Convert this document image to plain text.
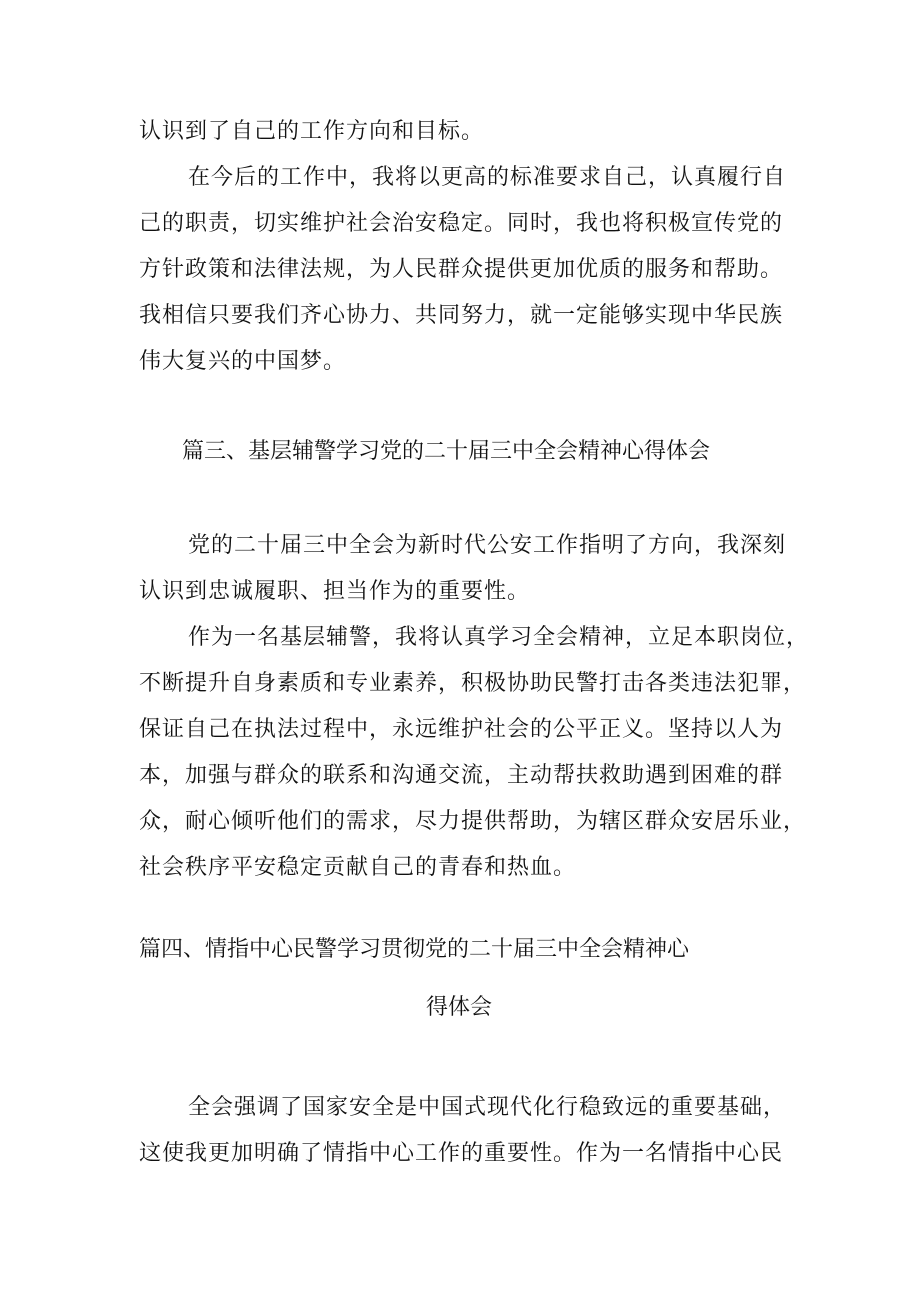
认识到了自己的工作方向和目标。
在今后的工作中，我将以更高的标准要求自己，认真履行自
己的职责，切实维护社会治安稳定。同时，我也将积极宣传党的
方针政策和法律法规，为人民群众提供更加优质的服务和帮助。
我相信只要我们齐心协力、共同努力，就一定能够实现中华民族
伟大复兴的中国梦。
篇三、基层辅警学习党的二十届三中全会精神心得体会
党的二十届三中全会为新时代公安工作指明了方向，我深刻
认识到忠诚履职、担当作为的重要性。
作为一名基层辅警，我将认真学习全会精神，立足本职岗位，
不断提升自身素质和专业素养，积极协助民警打击各类违法犯罪，
保证自己在执法过程中，永远维护社会的公平正义。坚持以人为
本，加强与群众的联系和沟通交流，主动帮扶救助遇到困难的群
众，耐心倾听他们的需求，尽力提供帮助，为辖区群众安居乐业，
社会秩序平安稳定贡献自己的青春和热血。
篇四、情指中心民警学习贯彻党的二十届三中全会精神心
得体会
全会强调了国家安全是中国式现代化行稳致远的重要基础，
这使我更加明确了情指中心工作的重要性。作为一名情指中心民
